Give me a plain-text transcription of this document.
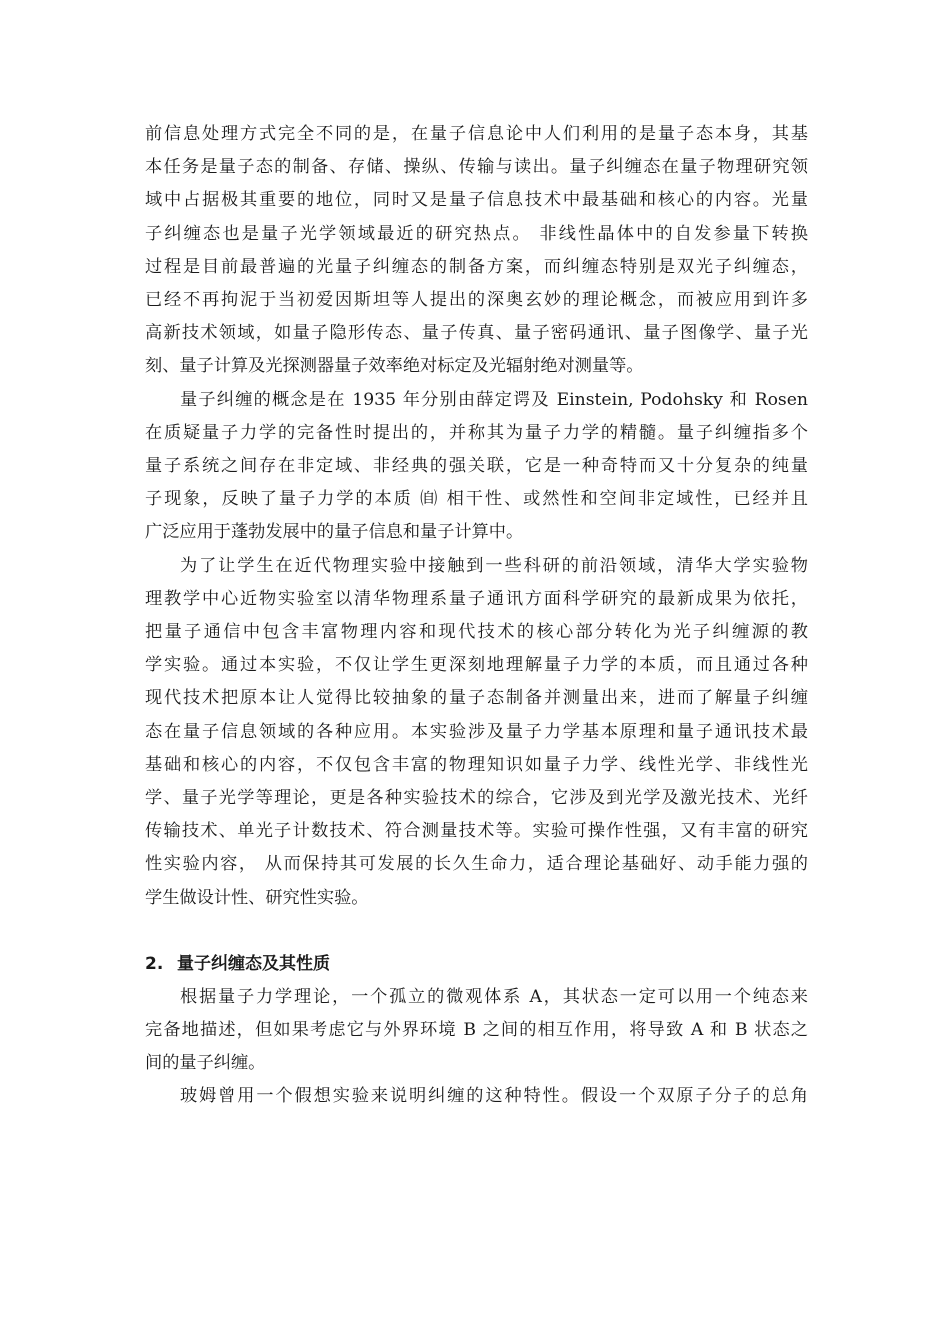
前信息处理方式完全不同的是，在量子信息论中人们利用的是量子态本身，其基
本任务是量子态的制备、存储、操纵、传输与读出。量子纠缠态在量子物理研究领
域中占据极其重要的地位，同时又是量子信息技术中最基础和核心的内容。光量
子纠缠态也是量子光学领域最近的研究热点。 非线性晶体中的自发参量下转换
过程是目前最普遍的光量子纠缠态的制备方案，而纠缠态特别是双光子纠缠态，
已经不再拘泥于当初爱因斯坦等人提出的深奥玄妙的理论概念，而被应用到许多
高新技术领域，如量子隐形传态、量子传真、量子密码通讯、量子图像学、量子光
刻、量子计算及光探测器量子效率绝对标定及光辐射绝对测量等。
量子纠缠的概念是在 1935 年分别由薛定谔及 Einstein, Podohsky 和 Rosen
在质疑量子力学的完备性时提出的，并称其为量子力学的精髓。量子纠缠指多个
量子系统之间存在非定域、非经典的强关联，它是一种奇特而又十分复杂的纯量
子现象，反映了量子力学的本质 ㉂ 相干性、或然性和空间非定域性，已经并且
广泛应用于蓬勃发展中的量子信息和量子计算中。
为了让学生在近代物理实验中接触到一些科研的前沿领域，清华大学实验物
理教学中心近物实验室以清华物理系量子通讯方面科学研究的最新成果为依托，
把量子通信中包含丰富物理内容和现代技术的核心部分转化为光子纠缠源的教
学实验。通过本实验，不仅让学生更深刻地理解量子力学的本质，而且通过各种
现代技术把原本让人觉得比较抽象的量子态制备并测量出来，进而了解量子纠缠
态在量子信息领域的各种应用。本实验涉及量子力学基本原理和量子通讯技术最
基础和核心的内容，不仅包含丰富的物理知识如量子力学、线性光学、非线性光
学、量子光学等理论，更是各种实验技术的综合，它涉及到光学及激光技术、光纤
传输技术、单光子计数技术、符合测量技术等。实验可操作性强，又有丰富的研究
性实验内容， 从而保持其可发展的长久生命力，适合理论基础好、动手能力强的
学生做设计性、研究性实验。
2. 量子纠缠态及其性质
根据量子力学理论，一个孤立的微观体系 A，其状态一定可以用一个纯态来
完备地描述，但如果考虑它与外界环境 B 之间的相互作用，将导致 A 和 B 状态之
间的量子纠缠。
玻姆曾用一个假想实验来说明纠缠的这种特性。假设一个双原子分子的总角
